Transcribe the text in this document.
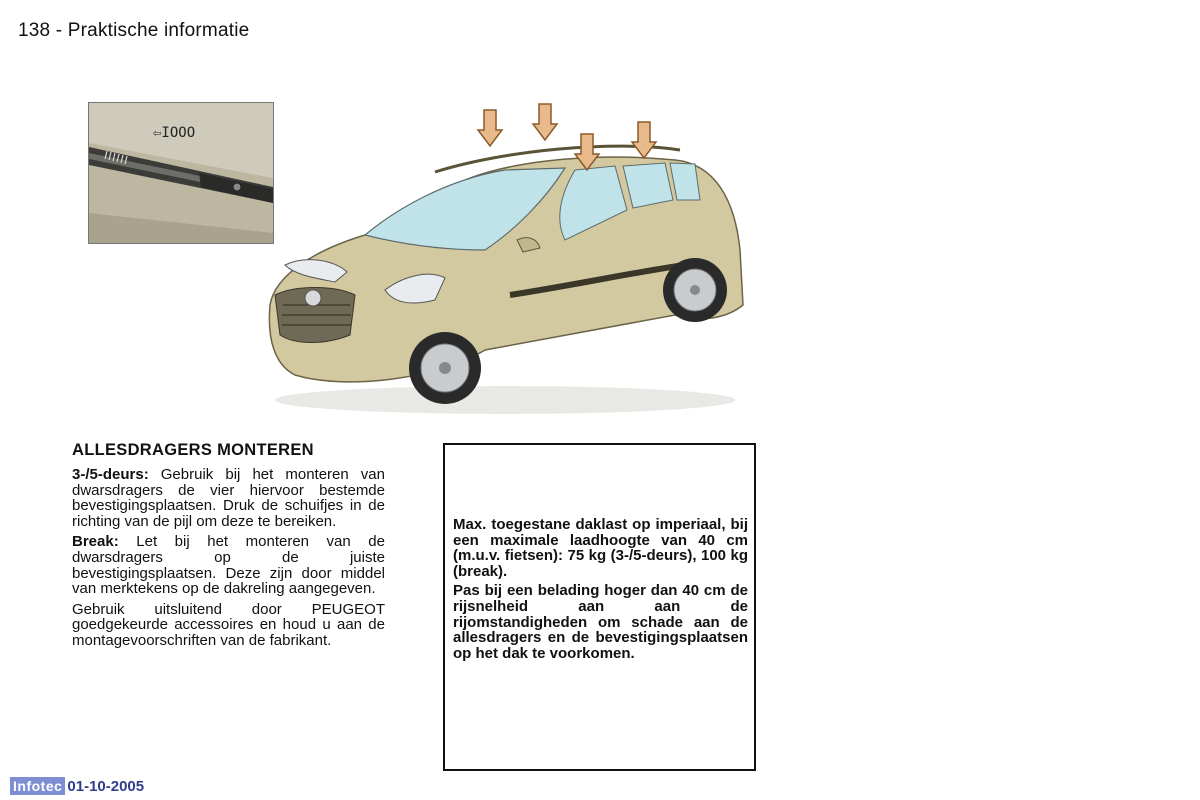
138 - Praktische informatie
⇦IOOO
ALLESDRAGERS MONTEREN

3-/5-deurs: Gebruik bij het monteren van dwarsdragers de vier hiervoor bestemde bevestigingsplaatsen. Druk de schuifjes in de richting van de pijl om deze te bereiken.

Break: Let bij het monteren van de dwarsdragers op de juiste bevestigingsplaatsen. Deze zijn door middel van merktekens op de dakreling aangegeven.

Gebruik uitsluitend door PEUGEOT goedgekeurde accessoires en houd u aan de montagevoorschriften van de fabrikant.

Max. toegestane daklast op imperiaal, bij een maximale laadhoogte van 40 cm (m.u.v. fietsen): 75 kg (3-/5-deurs), 100 kg (break).

Pas bij een belading hoger dan 40 cm de rijsnelheid aan aan de rijomstandigheden om schade aan de allesdragers en de bevestigingsplaatsen op het dak te voorkomen.

Infotec 01-10-2005
